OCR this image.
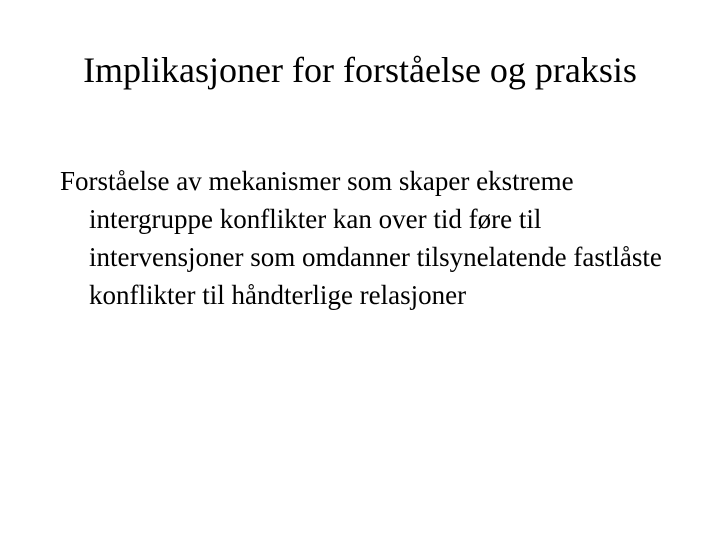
Implikasjoner for forståelse og praksis

Forståelse av mekanismer som skaper ekstreme intergruppe konflikter kan over tid føre til intervensjoner som omdanner tilsynelatende fastlåste konflikter til håndterlige relasjoner
